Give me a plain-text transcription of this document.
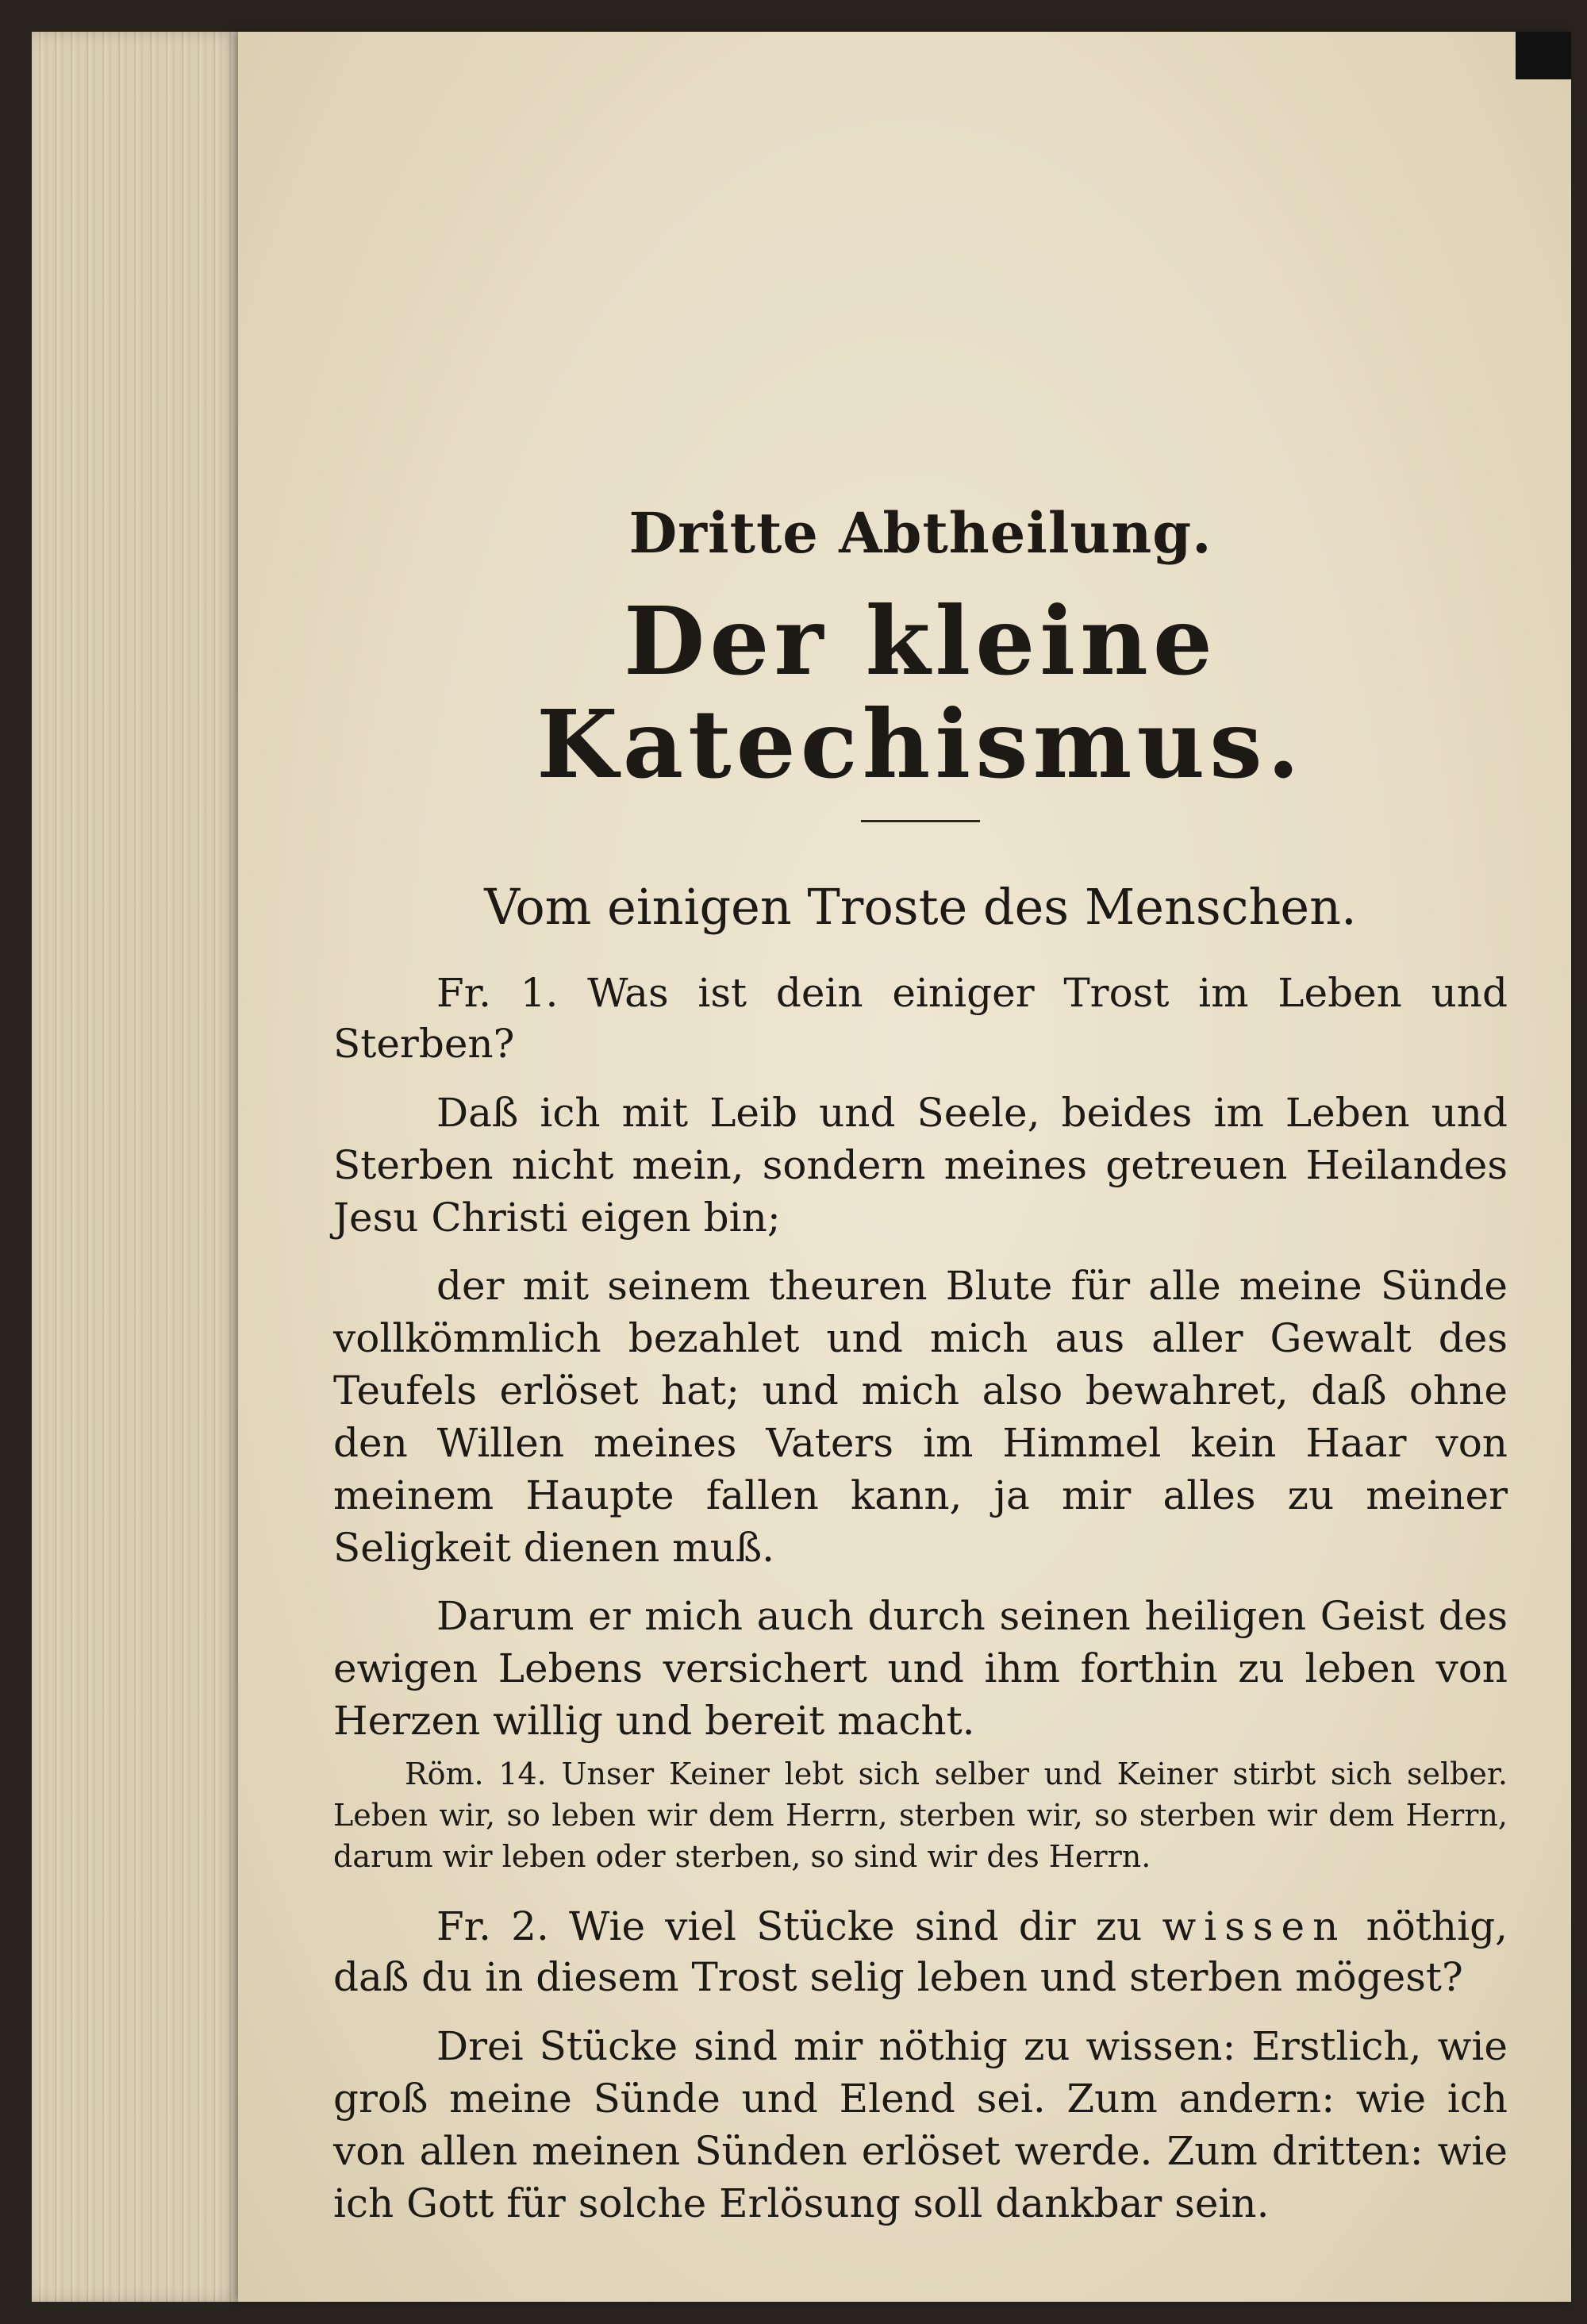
Dritte Abtheilung.
Der kleine Katechismus.
Vom einigen Troste des Menschen.

Fr. 1. Was ist dein einiger Trost im Leben und Sterben?

Daß ich mit Leib und Seele, beides im Leben und Sterben nicht mein, sondern meines getreuen Heilandes Jesu Christi eigen bin;

der mit seinem theuren Blute für alle meine Sünde vollkömmlich bezahlet und mich aus aller Gewalt des Teufels erlöset hat; und mich also bewahret, daß ohne den Willen meines Vaters im Himmel kein Haar von meinem Haupte fallen kann, ja mir alles zu meiner Seligkeit dienen muß.

Darum er mich auch durch seinen heiligen Geist des ewigen Lebens versichert und ihm forthin zu leben von Herzen willig und bereit macht.

Röm. 14. Unser Keiner lebt sich selber und Keiner stirbt sich selber. Leben wir, so leben wir dem Herrn, sterben wir, so sterben wir dem Herrn, darum wir leben oder sterben, so sind wir des Herrn.

Fr. 2. Wie viel Stücke sind dir zu wissen nöthig, daß du in diesem Trost selig leben und sterben mögest?

Drei Stücke sind mir nöthig zu wissen: Erstlich, wie groß meine Sünde und Elend sei. Zum andern: wie ich von allen meinen Sünden erlöset werde. Zum dritten: wie ich Gott für solche Erlösung soll dankbar sein.
